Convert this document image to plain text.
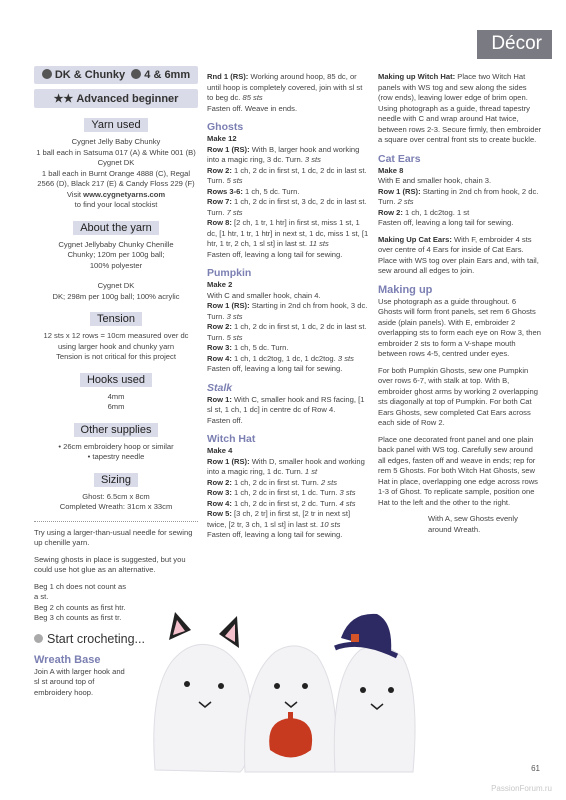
Décor
DK & Chunky 4 & 6mm
★★ Advanced beginner
Yarn used
Cygnet Jelly Baby Chunky
1 ball each in Satsuma 017 (A) & White 001 (B)
Cygnet DK
1 ball each in Burnt Orange 4888 (C), Regal
2566 (D), Black 217 (E) & Candy Floss 229 (F)
Visit www.cygnetyarns.com
to find your local stockist
About the yarn
Cygnet Jellybaby Chunky Chenille
Chunky; 120m per 100g ball;
100% polyester
Cygnet DK
DK; 298m per 100g ball; 100% acrylic
Tension
12 sts x 12 rows = 10cm measured over dc
using larger hook and chunky yarn
Tension is not critical for this project
Hooks used
4mm
6mm
Other supplies
• 26cm embroidery hoop or similar
• tapestry needle
Sizing
Ghost: 6.5cm x 8cm
Completed Wreath: 31cm x 33cm
Try using a larger-than-usual needle for sewing up chenille yarn.
Sewing ghosts in place is suggested, but you could use hot glue as an alternative.
Beg 1 ch does not count as a st.
Beg 2 ch counts as first htr.
Beg 3 ch counts as first tr.
Start crocheting...
Wreath Base

Join A with larger hook and sl st around top of embroidery hoop.

Rnd 1 (RS): Working around hoop, 85 dc, or until hoop is completely covered, join with sl st to beg dc. 85 sts

Fasten off. Weave in ends.

Ghosts
Make 12

Row 1 (RS): With B, larger hook and working into a magic ring, 3 dc. Turn. 3 sts

Row 2: 1 ch, 2 dc in first st, 1 dc, 2 dc in last st. Turn. 5 sts

Rows 3-6: 1 ch, 5 dc. Turn.

Row 7: 1 ch, 2 dc in first st, 3 dc, 2 dc in last st. Turn. 7 sts

Row 8: [2 ch, 1 tr, 1 htr] in first st, miss 1 st, 1 dc, [1 htr, 1 tr, 1 htr] in next st, 1 dc, miss 1 st, [1 htr, 1 tr, 2 ch, 1 sl st] in last st. 11 sts

Fasten off, leaving a long tail for sewing.

Pumpkin
Make 2

With C and smaller hook, chain 4.

Row 1 (RS): Starting in 2nd ch from hook, 3 dc. Turn. 3 sts

Row 2: 1 ch, 2 dc in first st, 1 dc, 2 dc in last st. Turn. 5 sts

Row 3: 1 ch, 5 dc. Turn.

Row 4: 1 ch, 1 dc2tog, 1 dc, 1 dc2tog. 3 sts

Fasten off, leaving a long tail for sewing.

Stalk

Row 1: With C, smaller hook and RS facing, [1 sl st, 1 ch, 1 dc] in centre dc of Row 4.

Fasten off.

Witch Hat
Make 4

Row 1 (RS): With D, smaller hook and working into a magic ring, 1 dc. Turn. 1 st

Row 2: 1 ch, 2 dc in first st. Turn. 2 sts

Row 3: 1 ch, 2 dc in first st, 1 dc. Turn. 3 sts

Row 4: 1 ch, 2 dc in first st, 2 dc. Turn. 4 sts

Row 5: [3 ch, 2 tr] in first st, [2 tr in next st] twice, [2 tr, 3 ch, 1 sl st] in last st. 10 sts

Fasten off, leaving a long tail for sewing.

Making up Witch Hat: Place two Witch Hat panels with WS tog and sew along the sides (row ends), leaving lower edge of brim open. Using photograph as a guide, thread tapestry needle with C and wrap around Hat twice, between rows 2-3. Secure firmly, then embroider a square over central front sts to create buckle.

Cat Ears
Make 8

With E and smaller hook, chain 3.

Row 1 (RS): Starting in 2nd ch from hook, 2 dc. Turn. 2 sts

Row 2: 1 ch, 1 dc2tog. 1 st

Fasten off, leaving a long tail for sewing.

Making Up Cat Ears: With F, embroider 4 sts over centre of 4 Ears for inside of Cat Ears. Place with WS tog over plain Ears and, with tail, sew around all edges to join.

Making up

Use photograph as a guide throughout. 6 Ghosts will form front panels, set rem 6 Ghosts aside (plain panels). With E, embroider 2 overlapping sts to form each eye on Row 3, then embroider 2 sts to form a V-shape mouth between rows 4-5, centred under eyes.

For both Pumpkin Ghosts, sew one Pumpkin over rows 6-7, with stalk at top. With B, embroider ghost arms by working 2 overlapping sts diagonally at top of Pumpkin. For both Cat Ears Ghosts, sew completed Cat Ears across each side of Row 2.

Place one decorated front panel and one plain back panel with WS tog. Carefully sew around all edges, fasten off and weave in ends; rep for rem 5 Ghosts. For both Witch Hat Ghosts, sew Hat in place, overlapping one edge across rows 1-3 of Ghost. To replicate sample, position one Hat to the left and the other to the right.

With A, sew Ghosts evenly around Wreath.

61
PassionForum.ru
